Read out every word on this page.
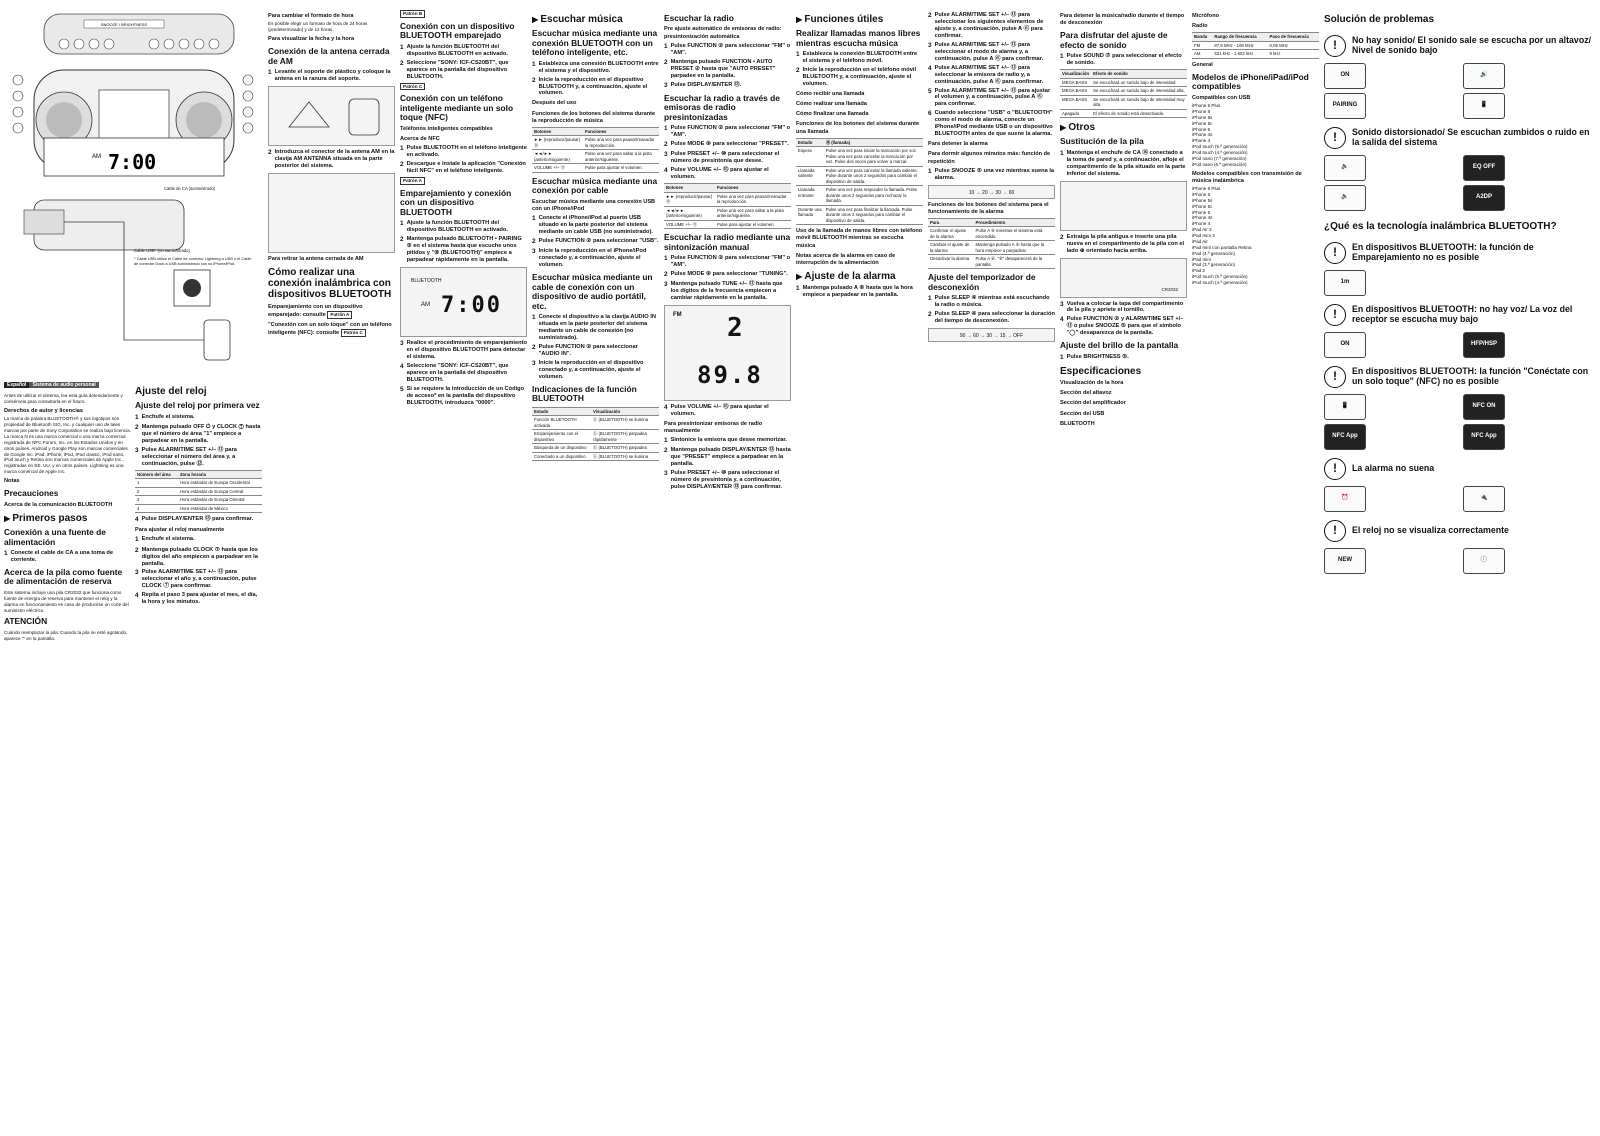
SNOOZE / BRIGHTNESS
7:00
AM
Cable de CA (suministrado)
Cable USB* (no suministrado)
* Cable USB utilice el Cable de conector Lightning a USB o el Cable de conector Dock a USB suministrado con su iPhone/iPod.
Español	Sistema de audio personal

Antes de utilizar el sistema, lea esta guía detenidamente y consérvela para consultarla en el futuro.

Derechos de autor y licencias

La marca de palabra BLUETOOTH® y sus logotipos son propiedad de Bluetooth SIG, Inc. y cualquier uso de tales marcas por parte de Sony Corporation se realiza bajo licencia. La marca N es una marca comercial o una marca comercial registrada de NFC Forum, Inc. en los Estados Unidos y en otros países. Android y Google Play son marcas comerciales de Google Inc. iPad, iPhone, iPod, iPod classic, iPod nano, iPod touch y Retina son marcas comerciales de Apple Inc., registradas en EE. UU. y en otros países. Lightning es una marca comercial de Apple Inc.

Notas
Precauciones
Acerca de la comunicación BLUETOOTH
▶ Primeros pasos
Conexión a una fuente de alimentación
1 Conecte el cable de CA a una toma de corriente.
Acerca de la pila como fuente de alimentación de reserva

Este sistema incluye una pila CR2032 que funciona como fuente de energía de reserva para mantener el reloj y la alarma en funcionamiento en caso de producirse un corte del suministro eléctrico.

ATENCIÓN

Cuándo reemplazar la pila: Cuando la pila se esté agotando, aparece "" en la pantalla.

Ajuste del reloj
Ajuste del reloj por primera vez
1 Enchufe el sistema.
2 Mantenga pulsado OFF ⏻ y CLOCK ⑦ hasta que el número de área "1" empiece a parpadear en la pantalla.
3 Pulse ALARM/TIME SET +/– ⑪ para seleccionar el número del área y, a continuación, pulse ⑫.
Número del área	Zona horaria
1	Hora estándar de Europa Occidental
2	Hora estándar de Europa Central
3	Hora estándar de Europa Oriental
4	Hora estándar de México
4 Pulse DISPLAY/ENTER ⑬ para confirmar.
Para ajustar el reloj manualmente
1 Enchufe el sistema.
2 Mantenga pulsado CLOCK ⑦ hasta que los dígitos del año empiecen a parpadear en la pantalla.
3 Pulse ALARM/TIME SET +/– ⑪ para seleccionar el año y, a continuación, pulse CLOCK ⑦ para confirmar.
4 Repita el paso 3 para ajustar el mes, el día, la hora y los minutos.
Para cambiar el formato de hora

Es posible elegir un formato de hora de 24 horas (predeterminado) y de 12 horas.

Para visualizar la fecha y la hora
Conexión de la antena cerrada de AM
1 Levante el soporte de plástico y coloque la antena en la ranura del soporte.
2 Introduzca el conector de la antena AM en la clavija AM ANTENNA situada en la parte posterior del sistema.
Para retirar la antena cerrada de AM
Cómo realizar una conexión inalámbrica con dispositivos BLUETOOTH
Emparejamiento con un dispositivo emparejado: consulte Patrón A
"Conexión con un solo toque" con un teléfono inteligente (NFC): consulte Patrón C
Patrón B
Conexión con un dispositivo BLUETOOTH emparejado
1 Ajuste la función BLUETOOTH del dispositivo BLUETOOTH en activado.
2 Seleccione "SONY: ICF-CS20BT", que aparece en la pantalla del dispositivo BLUETOOTH.
Patrón C
Conexión con un teléfono inteligente mediante un solo toque (NFC)
Teléfonos inteligentes compatibles
Acerca de NFC
1 Pulse BLUETOOTH en el teléfono inteligente en activado.
2 Descargue e instale la aplicación "Conexión fácil NFC" en el teléfono inteligente.
Patrón A
Emparejamiento y conexión con un dispositivo BLUETOOTH
1 Ajuste la función BLUETOOTH del dispositivo BLUETOOTH en activado.
2 Mantenga pulsado BLUETOOTH • PAIRING ③ en el sistema hasta que escuche unos pitidos y "⑧ (BLUETOOTH)" empiece a parpadear rápidamente en la pantalla.
BLUETOOTH
7:00
AM
3 Realice el procedimiento de emparejamiento en el dispositivo BLUETOOTH para detectar el sistema.
4 Seleccione "SONY: ICF-CS20BT", que aparece en la pantalla del dispositivo BLUETOOTH.
5 Si se requiere la introducción de un Código de acceso* en la pantalla del dispositivo BLUETOOTH, introduzca "0000".
▶ Escuchar música
Escuchar música mediante una conexión BLUETOOTH con un teléfono inteligente, etc.
1 Establezca una conexión BLUETOOTH entre el sistema y el dispositivo.
2 Inicie la reproducción en el dispositivo BLUETOOTH y, a continuación, ajuste el volumen.
Después del uso
Funciones de los botones del sistema durante la reproducción de música
Botones	Funciones
►► (reproducir/pausar) ⑭	Pulse una vez para pausar/reanudar la reproducción.
◄◄/►► (anterior/siguiente)	Pulse una vez para saltar a la pista anterior/siguiente.
VOLUME +/– ⑮	Pulse para ajustar el volumen.
Escuchar música mediante una conexión por cable
Escuchar música mediante una conexión USB con un iPhone/iPod
1 Conecte el iPhone/iPod al puerto USB situado en la parte posterior del sistema mediante un cable USB (no suministrado).
2 Pulse FUNCTION ② para seleccionar "USB".
3 Inicie la reproducción en el iPhone/iPod conectado y, a continuación, ajuste el volumen.
Escuchar música mediante un cable de conexión con un dispositivo de audio portátil, etc.
1 Conecte el dispositivo a la clavija AUDIO IN situada en la parte posterior del sistema mediante un cable de conexión (no suministrado).
2 Pulse FUNCTION ② para seleccionar "AUDIO IN".
3 Inicie la reproducción en el dispositivo conectado y, a continuación, ajuste el volumen.
Indicaciones de la función BLUETOOTH
Estado	Visualización
Función BLUETOOTH activada	ⓑ (BLUETOOTH) se ilumina
Emparejamiento con el dispositivo	ⓑ (BLUETOOTH) parpadea rápidamente
Búsqueda de un dispositivo	ⓑ (BLUETOOTH) parpadea
Conectado a un dispositivo	ⓑ (BLUETOOTH) se ilumina
Escuchar la radio
Pre ajuste automático de emisoras de radio: presintonización automática
1 Pulse FUNCTION ② para seleccionar "FM" o "AM".
2 Mantenga pulsado FUNCTION • AUTO PRESET ② hasta que "AUTO PRESET" parpadee en la pantalla.
3 Pulse DISPLAY/ENTER ⑬.
Escuchar la radio a través de emisoras de radio presintonizadas
1 Pulse FUNCTION ② para seleccionar "FM" o "AM".
2 Pulse MODE ⑨ para seleccionar "PRESET".
3 Pulse PRESET +/– ⑩ para seleccionar el número de presintonía que desee.
4 Pulse VOLUME +/– ⑮ para ajustar el volumen.
Botones	Funciones
►► (reproducir/pausar) ⑭	Pulse una vez para pausar/reanudar la reproducción.
◄◄/►► (anterior/siguiente)	Pulse una vez para saltar a la pista anterior/siguiente.
VOLUME +/– ⑮	Pulse para ajustar el volumen.
Escuchar la radio mediante una sintonización manual
1 Pulse FUNCTION ② para seleccionar "FM" o "AM".
2 Pulse MODE ⑨ para seleccionar "TUNING".
3 Mantenga pulsado TUNE +/– ⑪ hasta que los dígitos de la frecuencia empiecen a cambiar rápidamente en la pantalla.
FM 2
89.8
4 Pulse VOLUME +/– ⑮ para ajustar el volumen.
Para presintonizar emisoras de radio manualmente
1 Sintonice la emisora que desee memorizar.
2 Mantenga pulsado DISPLAY/ENTER ⑬ hasta que "PRESET" empiece a parpadear en la pantalla.
3 Pulse PRESET +/– ⑩ para seleccionar el número de presintonía y, a continuación, pulse DISPLAY/ENTER ⑬ para confirmar.
▶ Funciones útiles
Realizar llamadas manos libres mientras escucha música
1 Establezca la conexión BLUETOOTH entre el sistema y el teléfono móvil.
2 Inicie la reproducción en el teléfono móvil BLUETOOTH y, a continuación, ajuste el volumen.
Cómo recibir una llamada
Cómo realizar una llamada
Cómo finalizar una llamada
Funciones de los botones del sistema durante una llamada
Estado	⑭ (llamada)
Espera	Pulse una vez para iniciar la marcación por voz. Pulse una vez para cancelar la marcación por voz. Pulse dos veces para volver a marcar.
Llamada saliente	Pulse una vez para cancelar la llamada saliente. Pulse durante unos 2 segundos para cambiar el dispositivo de salida.
Llamada entrante	Pulse una vez para responder la llamada. Pulse durante unos 2 segundos para rechazar la llamada.
Durante una llamada	Pulse una vez para finalizar la llamada. Pulse durante unos 2 segundos para cambiar el dispositivo de salida.
Uso de la llamada de manos libres con teléfono móvil BLUETOOTH mientras se escucha música
Notas acerca de la alarma en caso de interrupción de la alimentación
▶ Ajuste de la alarma
1 Mantenga pulsado A ⑥ hasta que la hora empiece a parpadear en la pantalla.
2 Pulse ALARM/TIME SET +/– ⑪ para seleccionar los siguientes elementos de ajuste y, a continuación, pulse A ⑥ para confirmar.
3 Pulse ALARM/TIME SET +/– ⑪ para seleccionar el modo de alarma y, a continuación, pulse A ⑥ para confirmar.
4 Pulse ALARM/TIME SET +/– ⑪ para seleccionar la emisora de radio y, a continuación, pulse A ⑥ para confirmar.
5 Pulse ALARM/TIME SET +/– ⑪ para ajustar el volumen y, a continuación, pulse A ⑥ para confirmar.
6 Cuando seleccione "USB" o "BLUETOOTH" como el modo de alarma, conecte un iPhone/iPod mediante USB o un dispositivo BLUETOOTH antes de que suene la alarma.
Para detener la alarma
Para dormir algunos minutos más: función de repetición
1 Pulse SNOOZE ⑤ una vez mientras suena la alarma.
10 → 20 → 30 → 60
Funciones de los botones del sistema para el funcionamiento de la alarma
Para	Procedimiento
Confirmar el ajuste de la alarma	Pulse A ⑥ mientras el sistema está encendido.
Cambiar el ajuste de la alarma	Mantenga pulsado A ⑥ hasta que la hora empiece a parpadear.
Desactivar la alarma	Pulse A ⑥. "⑥" desaparecerá de la pantalla.
Ajuste del temporizador de desconexión
1 Pulse SLEEP ④ mientras está escuchando la radio o música.
2 Pulse SLEEP ④ para seleccionar la duración del tiempo de desconexión.
90 → 60 → 30 → 15 → OFF
Para detener la música/radio durante el tiempo de desconexión
Para disfrutar del ajuste de efecto de sonido
1 Pulse SOUND ⑦ para seleccionar el efecto de sonido.
Visualización	Efecto de sonido
MEGA BASS	Se escuchará un sonido bajo de intensidad.
MEGA BASS	Se escuchará un sonido bajo de intensidad alta.
MEGA BASS	Se escuchará un sonido bajo de intensidad muy alta.
Apagado	El efecto de sonido está desactivado.
▶ Otros
Sustitución de la pila
1 Mantenga el enchufe de CA ⑯ conectado a la toma de pared y, a continuación, afloje el compartimento de la pila situado en la parte inferior del sistema.
2 Extraiga la pila antigua e inserte una pila nueva en el compartimento de la pila con el lado ⊕ orientado hacia arriba.
CR2032
3 Vuelva a colocar la tapa del compartimento de la pila y apriete el tornillo.
4 Pulse FUNCTION ② y ALARM/TIME SET +/– ⑪ o pulse SNOOZE ⑤ para que el símbolo "◯" desaparezca de la pantalla.
Ajuste del brillo de la pantalla
1 Pulse BRIGHTNESS ⑤.
Especificaciones
Visualización de la hora
Sección del altavoz
Sección del amplificador
Sección del USB
BLUETOOTH
Micrófono
Radio
Banda	Rango de frecuencia	Paso de frecuencia
FM	87,5 MHz - 108 MHz	0,05 MHz
AM	531 kHz - 1.602 kHz	9 kHz
General
Modelos de iPhone/iPad/iPod compatibles
Compatibles con USB
iPhone 6 Plus
iPhone 6
iPhone 5s
iPhone 5c
iPhone 5
iPhone 4s
iPhone 4
iPod touch (5.ª generación)
iPod touch (4.ª generación)
iPod nano (7.ª generación)
iPod nano (6.ª generación)
Modelos compatibles con transmisión de música inalámbrica
iPhone 6 Plus
iPhone 6
iPhone 5s
iPhone 5c
iPhone 5
iPhone 4s
iPhone 4
iPad Air 2
iPad mini 3
iPad Air
iPad mini con pantalla Retina
iPad (4.ª generación)
iPad mini
iPad (3.ª generación)
iPad 2
iPod touch (5.ª generación)
iPod touch (4.ª generación)
Solución de problemas
!	No hay sonido/ El sonido sale se escucha por un altavoz/ Nivel de sonido bajo
ON	🔊
PAIRING	📱
!	Sonido distorsionado/ Se escuchan zumbidos o ruido en la salida del sistema
🔉	EQ OFF
🔈	A2DP
¿Qué es la tecnología inalámbrica BLUETOOTH?
!	En dispositivos BLUETOOTH: la función de Emparejamiento no es posible
1m
!	En dispositivos BLUETOOTH: no hay voz/ La voz del receptor se escucha muy bajo
ON	HFP/HSP
!	En dispositivos BLUETOOTH: la función "Conéctate con un solo toque" (NFC) no es posible
📱	NFC ON
NFC App	NFC App
!	La alarma no suena
⏰	🔌
!	El reloj no se visualiza correctamente
NEW	🕖
